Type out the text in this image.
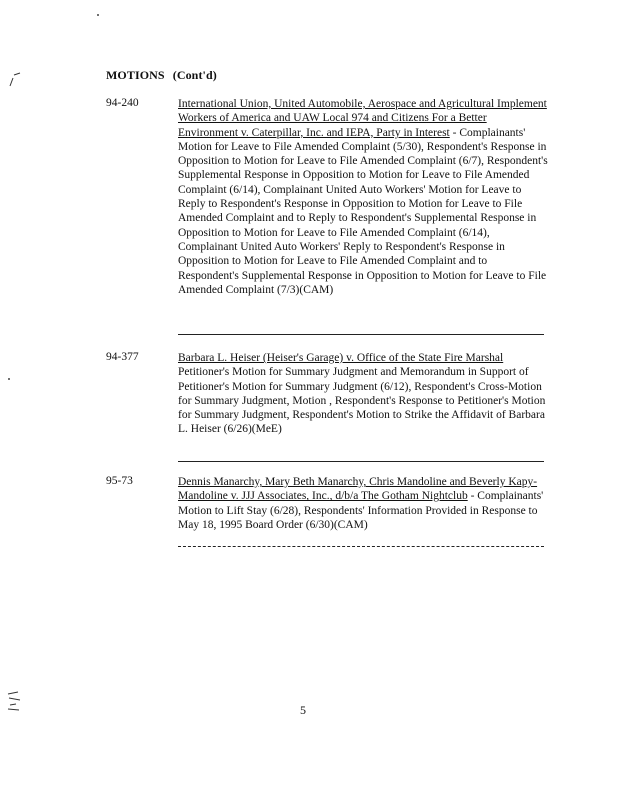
MOTIONS (Cont'd)
94-240	International Union, United Automobile, Aerospace and Agricultural Implement Workers of America and UAW Local 974 and Citizens For a Better Environment v. Caterpillar, Inc. and IEPA, Party in Interest - Complainants' Motion for Leave to File Amended Complaint (5/30), Respondent's Response in Opposition to Motion for Leave to File Amended Complaint (6/7), Respondent's Supplemental Response in Opposition to Motion for Leave to File Amended Complaint (6/14), Complainant United Auto Workers' Motion for Leave to Reply to Respondent's Response in Opposition to Motion for Leave to File Amended Complaint and to Reply to Respondent's Supplemental Response in Opposition to Motion for Leave to File Amended Complaint (6/14), Complainant United Auto Workers' Reply to Respondent's Response in Opposition to Motion for Leave to File Amended Complaint and to Respondent's Supplemental Response in Opposition to Motion for Leave to File Amended Complaint (7/3)(CAM)
94-377	Barbara L. Heiser (Heiser's Garage) v. Office of the State Fire Marshal Petitioner's Motion for Summary Judgment and Memorandum in Support of Petitioner's Motion for Summary Judgment (6/12), Respondent's Cross-Motion for Summary Judgment, Motion , Respondent's Response to Petitioner's Motion for Summary Judgment, Respondent's Motion to Strike the Affidavit of Barbara L. Heiser (6/26)(MeE)
95-73	Dennis Manarchy, Mary Beth Manarchy, Chris Mandoline and Beverly Kapy-Mandoline v. JJJ Associates, Inc., d/b/a The Gotham Nightclub - Complainants' Motion to Lift Stay (6/28), Respondents' Information Provided in Response to May 18, 1995 Board Order (6/30)(CAM)
5
